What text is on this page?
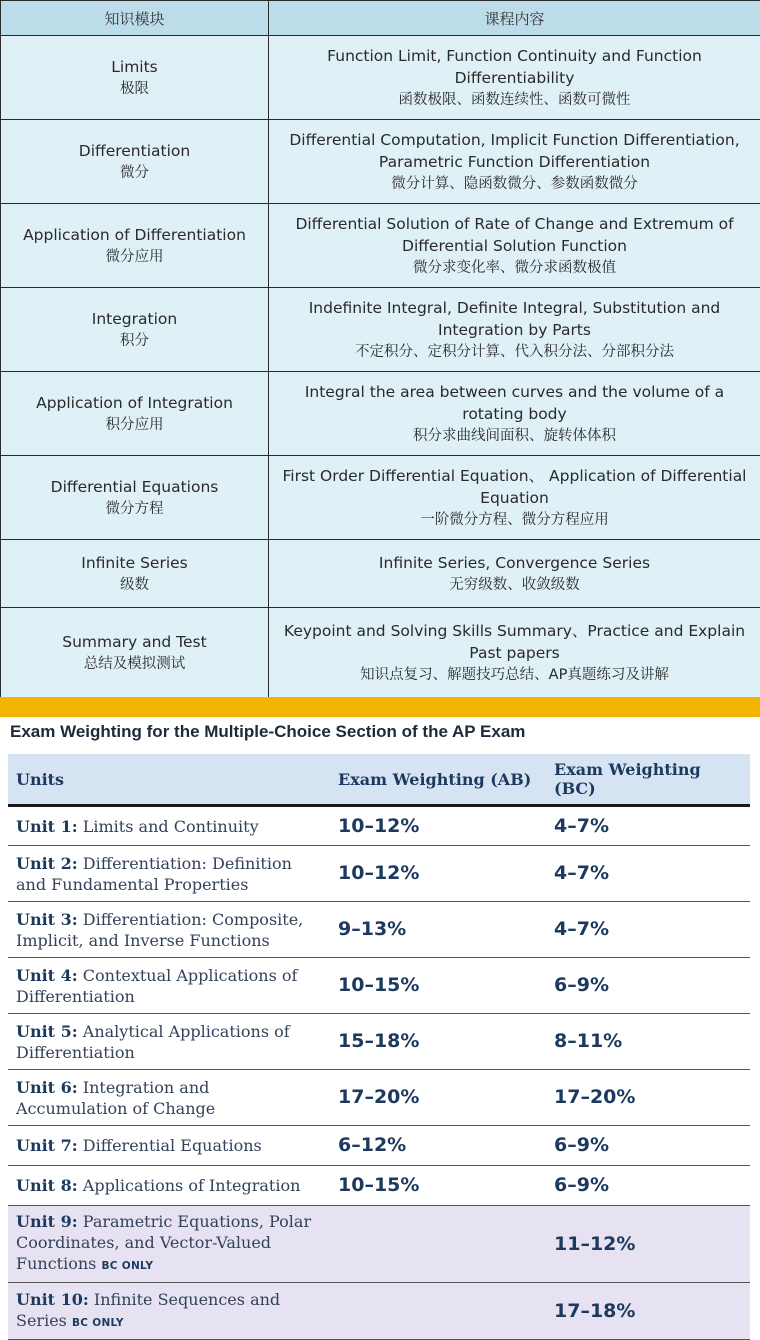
知识模块	课程内容

Limits
极限	Function Limit, Function Continuity and Function Differentiability
函数极限、函数连续性、函数可微性

Differentiation
微分	Differential Computation, Implicit Function Differentiation, Parametric Function Differentiation
微分计算、隐函数微分、参数函数微分

Application of Differentiation
微分应用	Differential Solution of Rate of Change and Extremum of Differential Solution Function
微分求变化率、微分求函数极值

Integration
积分	Indefinite Integral, Definite Integral, Substitution and Integration by Parts
不定积分、定积分计算、代入积分法、分部积分法

Application of Integration
积分应用	Integral the area between curves and the volume of a rotating body
积分求曲线间面积、旋转体体积

Differential Equations
微分方程	First Order Differential Equation、 Application of Differential Equation
一阶微分方程、微分方程应用

Infinite Series
级数	Infinite Series, Convergence Series
无穷级数、收敛级数

Summary and Test
总结及模拟测试	Keypoint and Solving Skills Summary、Practice and Explain Past papers
知识点复习、解题技巧总结、AP真题练习及讲解
Exam Weighting for the Multiple-Choice Section of the AP Exam
Units	Exam Weighting (AB)	Exam Weighting (BC)
Unit 1: Limits and Continuity	10–12%	4–7%
Unit 2: Differentiation: Definition and Fundamental Properties	10–12%	4–7%
Unit 3: Differentiation: Composite, Implicit, and Inverse Functions	9–13%	4–7%
Unit 4: Contextual Applications of Differentiation	10–15%	6–9%
Unit 5: Analytical Applications of Differentiation	15–18%	8–11%
Unit 6: Integration and Accumulation of Change	17–20%	17–20%
Unit 7: Differential Equations	6–12%	6–9%
Unit 8: Applications of Integration	10–15%	6–9%
Unit 9: Parametric Equations, Polar Coordinates, and Vector-Valued Functions BC ONLY		11–12%
Unit 10: Infinite Sequences and Series BC ONLY		17–18%
